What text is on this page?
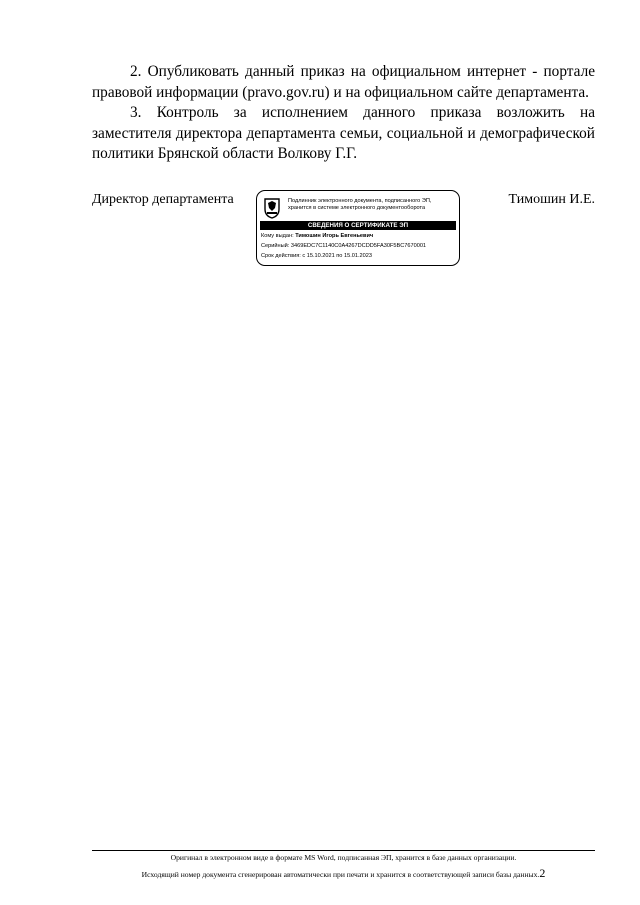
2. Опубликовать данный приказ на официальном интернет - портале правовой информации (pravo.gov.ru) и на официальном сайте департамента.

3. Контроль за исполнением данного приказа возложить на заместителя директора департамента семьи, социальной и демографической политики Брянской области Волкову Г.Г.

Директор департамента	Подлинник электронного документа, подписанного ЭП, хранится в системе электронного документооборота
СВЕДЕНИЯ О СЕРТИФИКАТЕ ЭП
Кому выдан: Тимошин Игорь Евгеньевич
Серийный: 3469EDC7C1140C0A4267DCDD5FA30F5BC7670001
Срок действия: с 15.10.2021 по 15.01.2023
Тимошин И.Е.
Оригинал в электронном виде в формате MS Word, подписанная ЭП, хранится в базе данных организации.
Исходящий номер документа сгенерирован автоматически при печати и хранится в соответствующей записи базы данных.2
